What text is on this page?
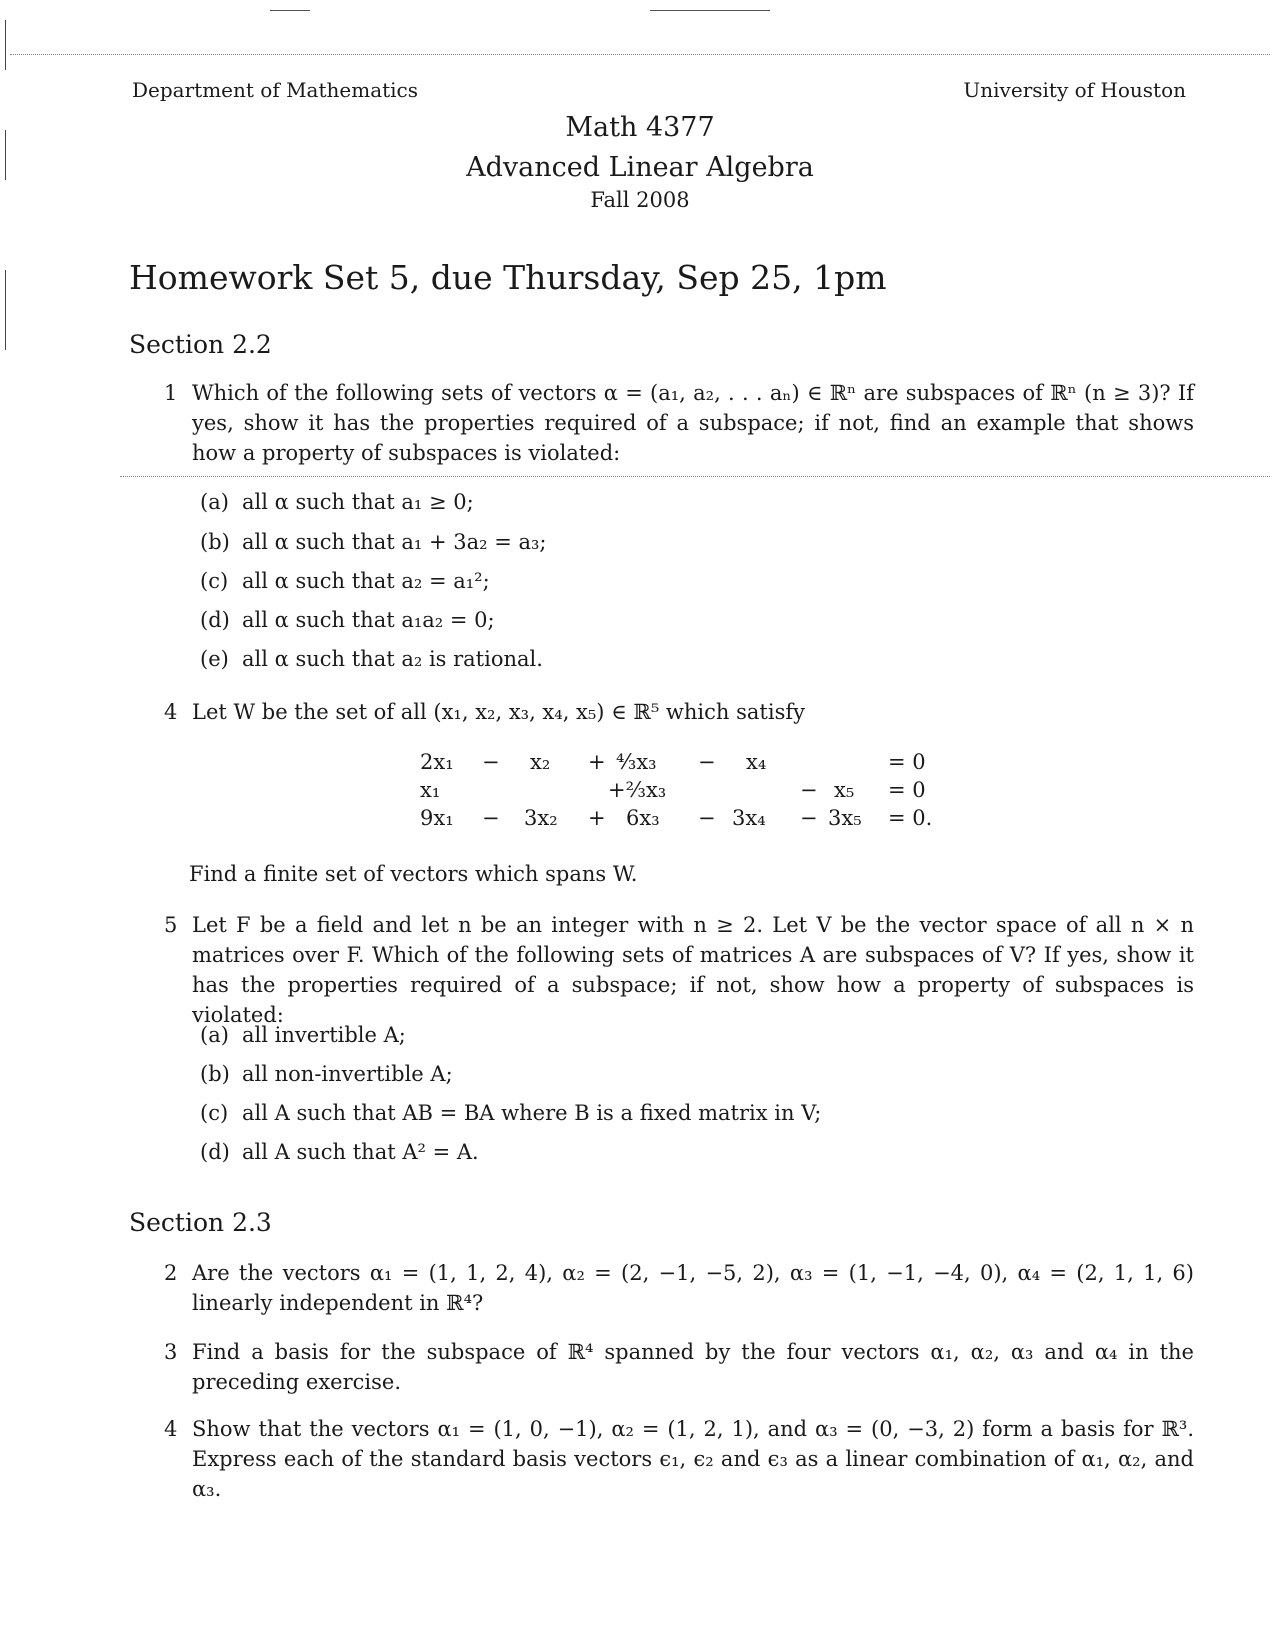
Department of Mathematics	University of Houston
Math 4377
Advanced Linear Algebra
Fall 2008
Homework Set 5, due Thursday, Sep 25, 1pm
Section 2.2
1 Which of the following sets of vectors α = (a₁, a₂, . . . aₙ) ∈ ℝⁿ are subspaces of ℝⁿ (n ≥ 3)? If yes, show it has the properties required of a subspace; if not, find an example that shows how a property of subspaces is violated:
(a) all α such that a₁ ≥ 0;
(b) all α such that a₁ + 3a₂ = a₃;
(c) all α such that a₂ = a₁²;
(d) all α such that a₁a₂ = 0;
(e) all α such that a₂ is rational.
4 Let W be the set of all (x₁, x₂, x₃, x₄, x₅) ∈ ℝ⁵ which satisfy
2x₁ − x₂ + ⁴⁄₃x₃ − x₄	= 0
x₁	+²⁄₃x₃	− x₅ = 0
9x₁ − 3x₂ + 6x₃ − 3x₄ − 3x₅ = 0.
Find a finite set of vectors which spans W.
5 Let F be a field and let n be an integer with n ≥ 2. Let V be the vector space of all n × n matrices over F. Which of the following sets of matrices A are subspaces of V? If yes, show it has the properties required of a subspace; if not, show how a property of subspaces is violated:
(a) all invertible A;
(b) all non-invertible A;
(c) all A such that AB = BA where B is a fixed matrix in V;
(d) all A such that A² = A.
Section 2.3
2 Are the vectors α₁ = (1, 1, 2, 4), α₂ = (2, −1, −5, 2), α₃ = (1, −1, −4, 0), α₄ = (2, 1, 1, 6) linearly independent in ℝ⁴?
3 Find a basis for the subspace of ℝ⁴ spanned by the four vectors α₁, α₂, α₃ and α₄ in the preceding exercise.
4 Show that the vectors α₁ = (1, 0, −1), α₂ = (1, 2, 1), and α₃ = (0, −3, 2) form a basis for ℝ³. Express each of the standard basis vectors ϵ₁, ϵ₂ and ϵ₃ as a linear combination of α₁, α₂, and α₃.
